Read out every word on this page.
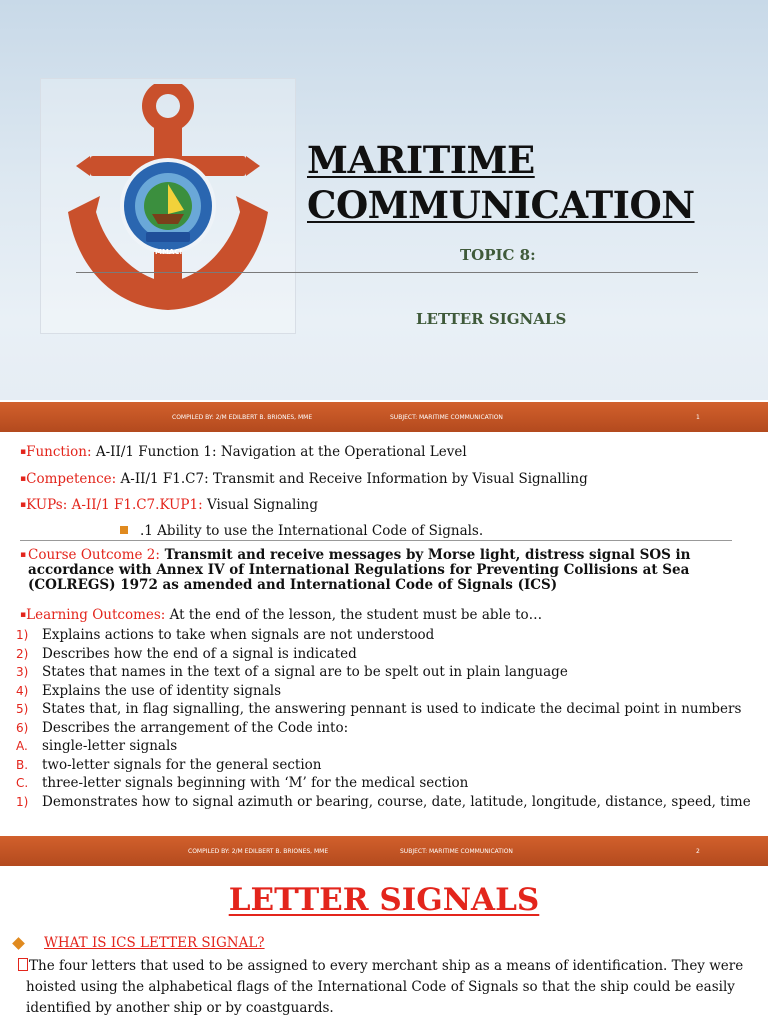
MMACI
MARITIME
COMMUNICATION
TOPIC 8:
LETTER SIGNALS
COMPILED BY: 2/M EDILBERT B. BRIONES, MME	SUBJECT: MARITIME COMMUNICATION	1
▪Function: A-II/1 Function 1: Navigation at the Operational Level
▪Competence: A-II/1 F1.C7: Transmit and Receive Information by Visual Signalling
▪KUPs: A-II/1 F1.C7.KUP1: Visual Signaling
.1 Ability to use the International Code of Signals.
▪ Course Outcome 2: Transmit and receive messages by Morse light, distress signal SOS in accordance with Annex IV of International Regulations for Preventing Collisions at Sea (COLREGS) 1972 as amended and International Code of Signals (ICS)
▪Learning Outcomes: At the end of the lesson, the student must be able to…
1) Explains actions to take when signals are not understood
2) Describes how the end of a signal is indicated
3) States that names in the text of a signal are to be spelt out in plain language
4) Explains the use of identity signals
5) States that, in flag signalling, the answering pennant is used to indicate the decimal point in numbers
6) Describes the arrangement of the Code into:
A. single-letter signals
B. two-letter signals for the general section
C. three-letter signals beginning with ‘M’ for the medical section
1) Demonstrates how to signal azimuth or bearing, course, date, latitude, longitude, distance, speed, time
COMPILED BY: 2/M EDILBERT B. BRIONES, MME	SUBJECT: MARITIME COMMUNICATION	2
LETTER SIGNALS
WHAT IS ICS LETTER SIGNAL?
The four letters that used to be assigned to every merchant ship as a means of identification. They were
hoisted using the alphabetical flags of the International Code of Signals so that the ship could be easily
identified by another ship or by coastguards.
